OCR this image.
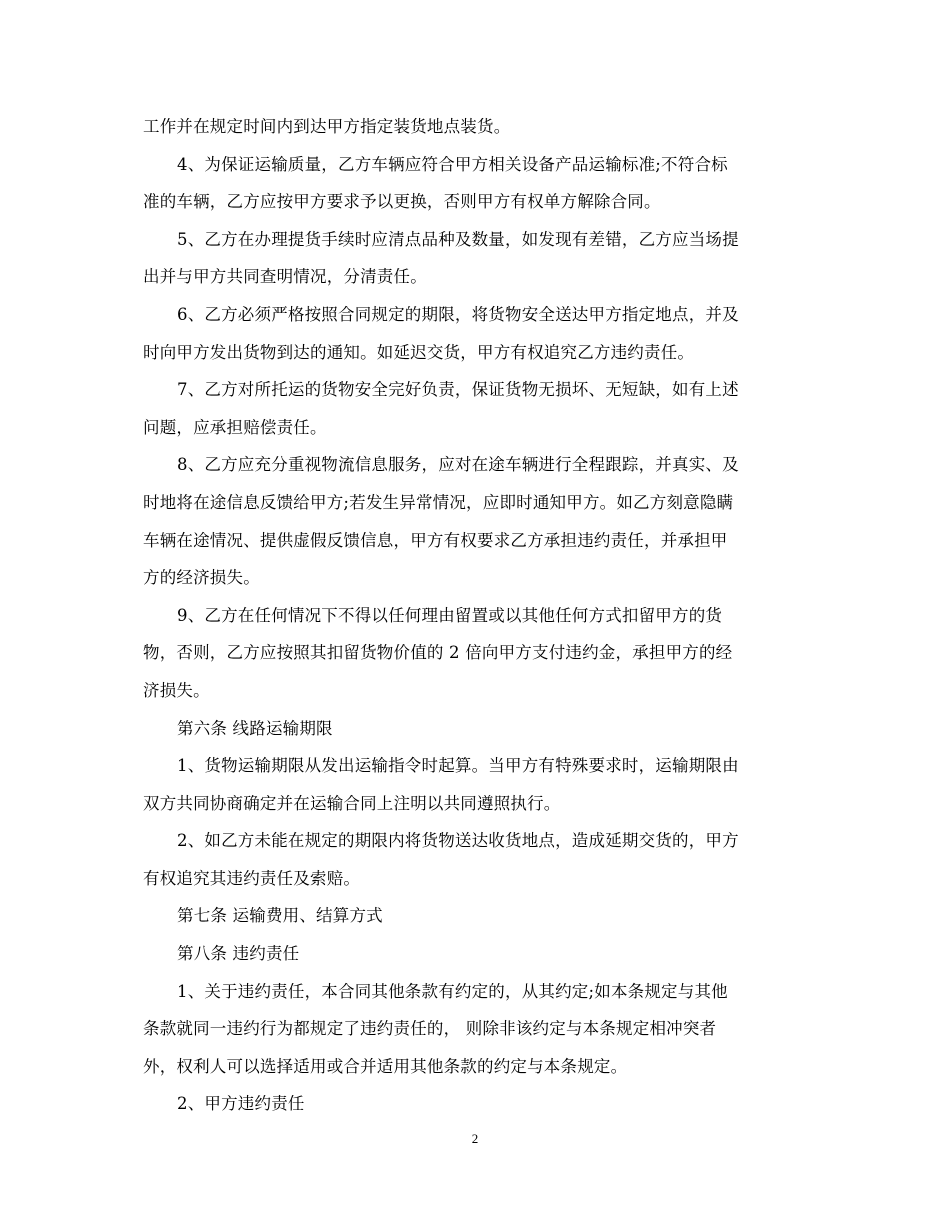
工作并在规定时间内到达甲方指定装货地点装货。
4、为保证运输质量，乙方车辆应符合甲方相关设备产品运输标准;不符合标
准的车辆，乙方应按甲方要求予以更换，否则甲方有权单方解除合同。
5、乙方在办理提货手续时应清点品种及数量，如发现有差错，乙方应当场提
出并与甲方共同查明情况，分清责任。
6、乙方必须严格按照合同规定的期限，将货物安全送达甲方指定地点，并及
时向甲方发出货物到达的通知。如延迟交货，甲方有权追究乙方违约责任。
7、乙方对所托运的货物安全完好负责，保证货物无损坏、无短缺，如有上述
问题，应承担赔偿责任。
8、乙方应充分重视物流信息服务，应对在途车辆进行全程跟踪，并真实、及
时地将在途信息反馈给甲方;若发生异常情况，应即时通知甲方。如乙方刻意隐瞒
车辆在途情况、提供虚假反馈信息，甲方有权要求乙方承担违约责任，并承担甲
方的经济损失。
9、乙方在任何情况下不得以任何理由留置或以其他任何方式扣留甲方的货
物，否则，乙方应按照其扣留货物价值的 2 倍向甲方支付违约金，承担甲方的经
济损失。
第六条 线路运输期限
1、货物运输期限从发出运输指令时起算。当甲方有特殊要求时，运输期限由
双方共同协商确定并在运输合同上注明以共同遵照执行。
2、如乙方未能在规定的期限内将货物送达收货地点，造成延期交货的，甲方
有权追究其违约责任及索赔。
第七条 运输费用、结算方式
第八条 违约责任
1、关于违约责任，本合同其他条款有约定的，从其约定;如本条规定与其他
条款就同一违约行为都规定了违约责任的， 则除非该约定与本条规定相冲突者
外，权利人可以选择适用或合并适用其他条款的约定与本条规定。
2、甲方违约责任
2
